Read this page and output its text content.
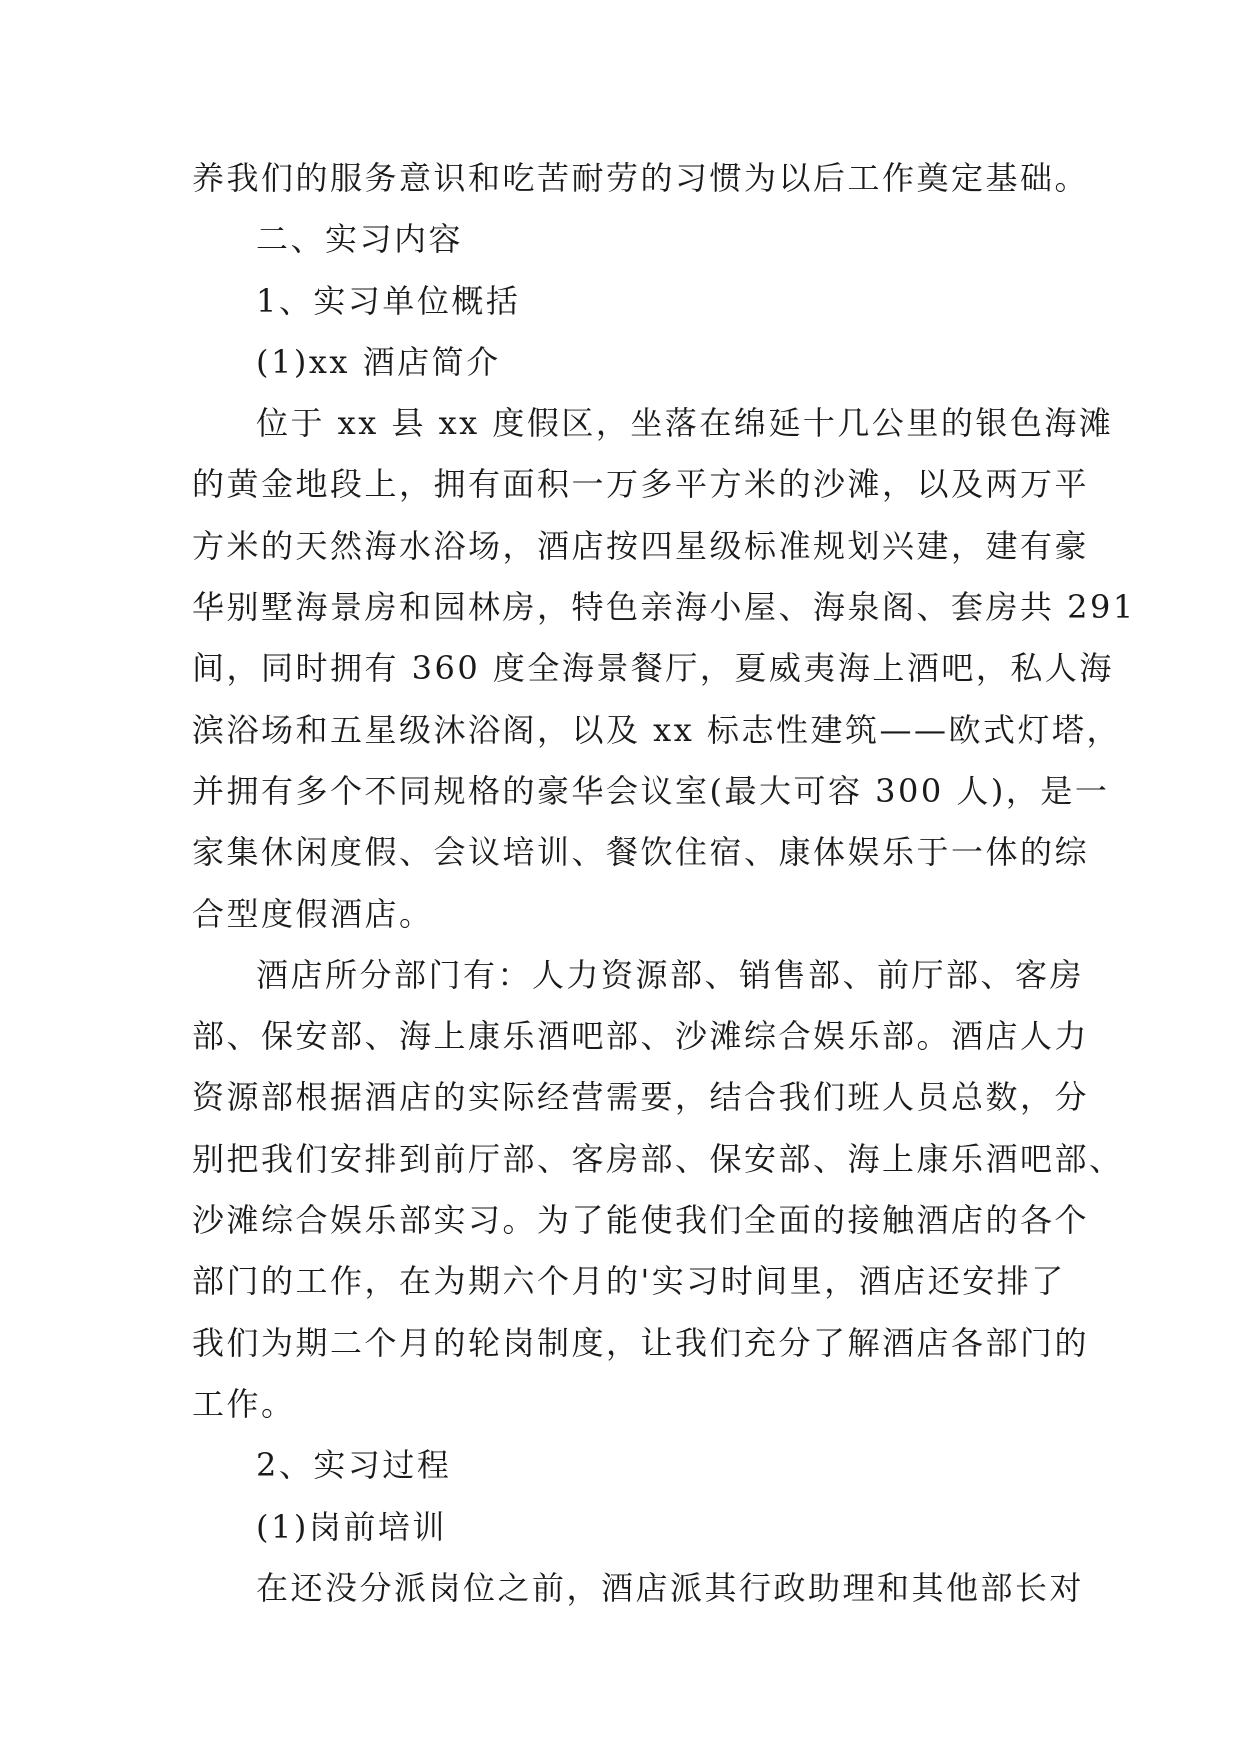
养我们的服务意识和吃苦耐劳的习惯为以后工作奠定基础。
二、实习内容
1、实习单位概括
(1)xx 酒店简介
位于 xx 县 xx 度假区，坐落在绵延十几公里的银色海滩
的黄金地段上，拥有面积一万多平方米的沙滩，以及两万平
方米的天然海水浴场，酒店按四星级标准规划兴建，建有豪
华别墅海景房和园林房，特色亲海小屋、海泉阁、套房共 291
间，同时拥有 360 度全海景餐厅，夏威夷海上酒吧，私人海
滨浴场和五星级沐浴阁，以及 xx 标志性建筑——欧式灯塔，
并拥有多个不同规格的豪华会议室(最大可容 300 人)，是一
家集休闲度假、会议培训、餐饮住宿、康体娱乐于一体的综
合型度假酒店。
酒店所分部门有：人力资源部、销售部、前厅部、客房
部、保安部、海上康乐酒吧部、沙滩综合娱乐部。酒店人力
资源部根据酒店的实际经营需要，结合我们班人员总数，分
别把我们安排到前厅部、客房部、保安部、海上康乐酒吧部、
沙滩综合娱乐部实习。为了能使我们全面的接触酒店的各个
部门的工作，在为期六个月的'实习时间里，酒店还安排了
我们为期二个月的轮岗制度，让我们充分了解酒店各部门的
工作。
2、实习过程
(1)岗前培训
在还没分派岗位之前，酒店派其行政助理和其他部长对
